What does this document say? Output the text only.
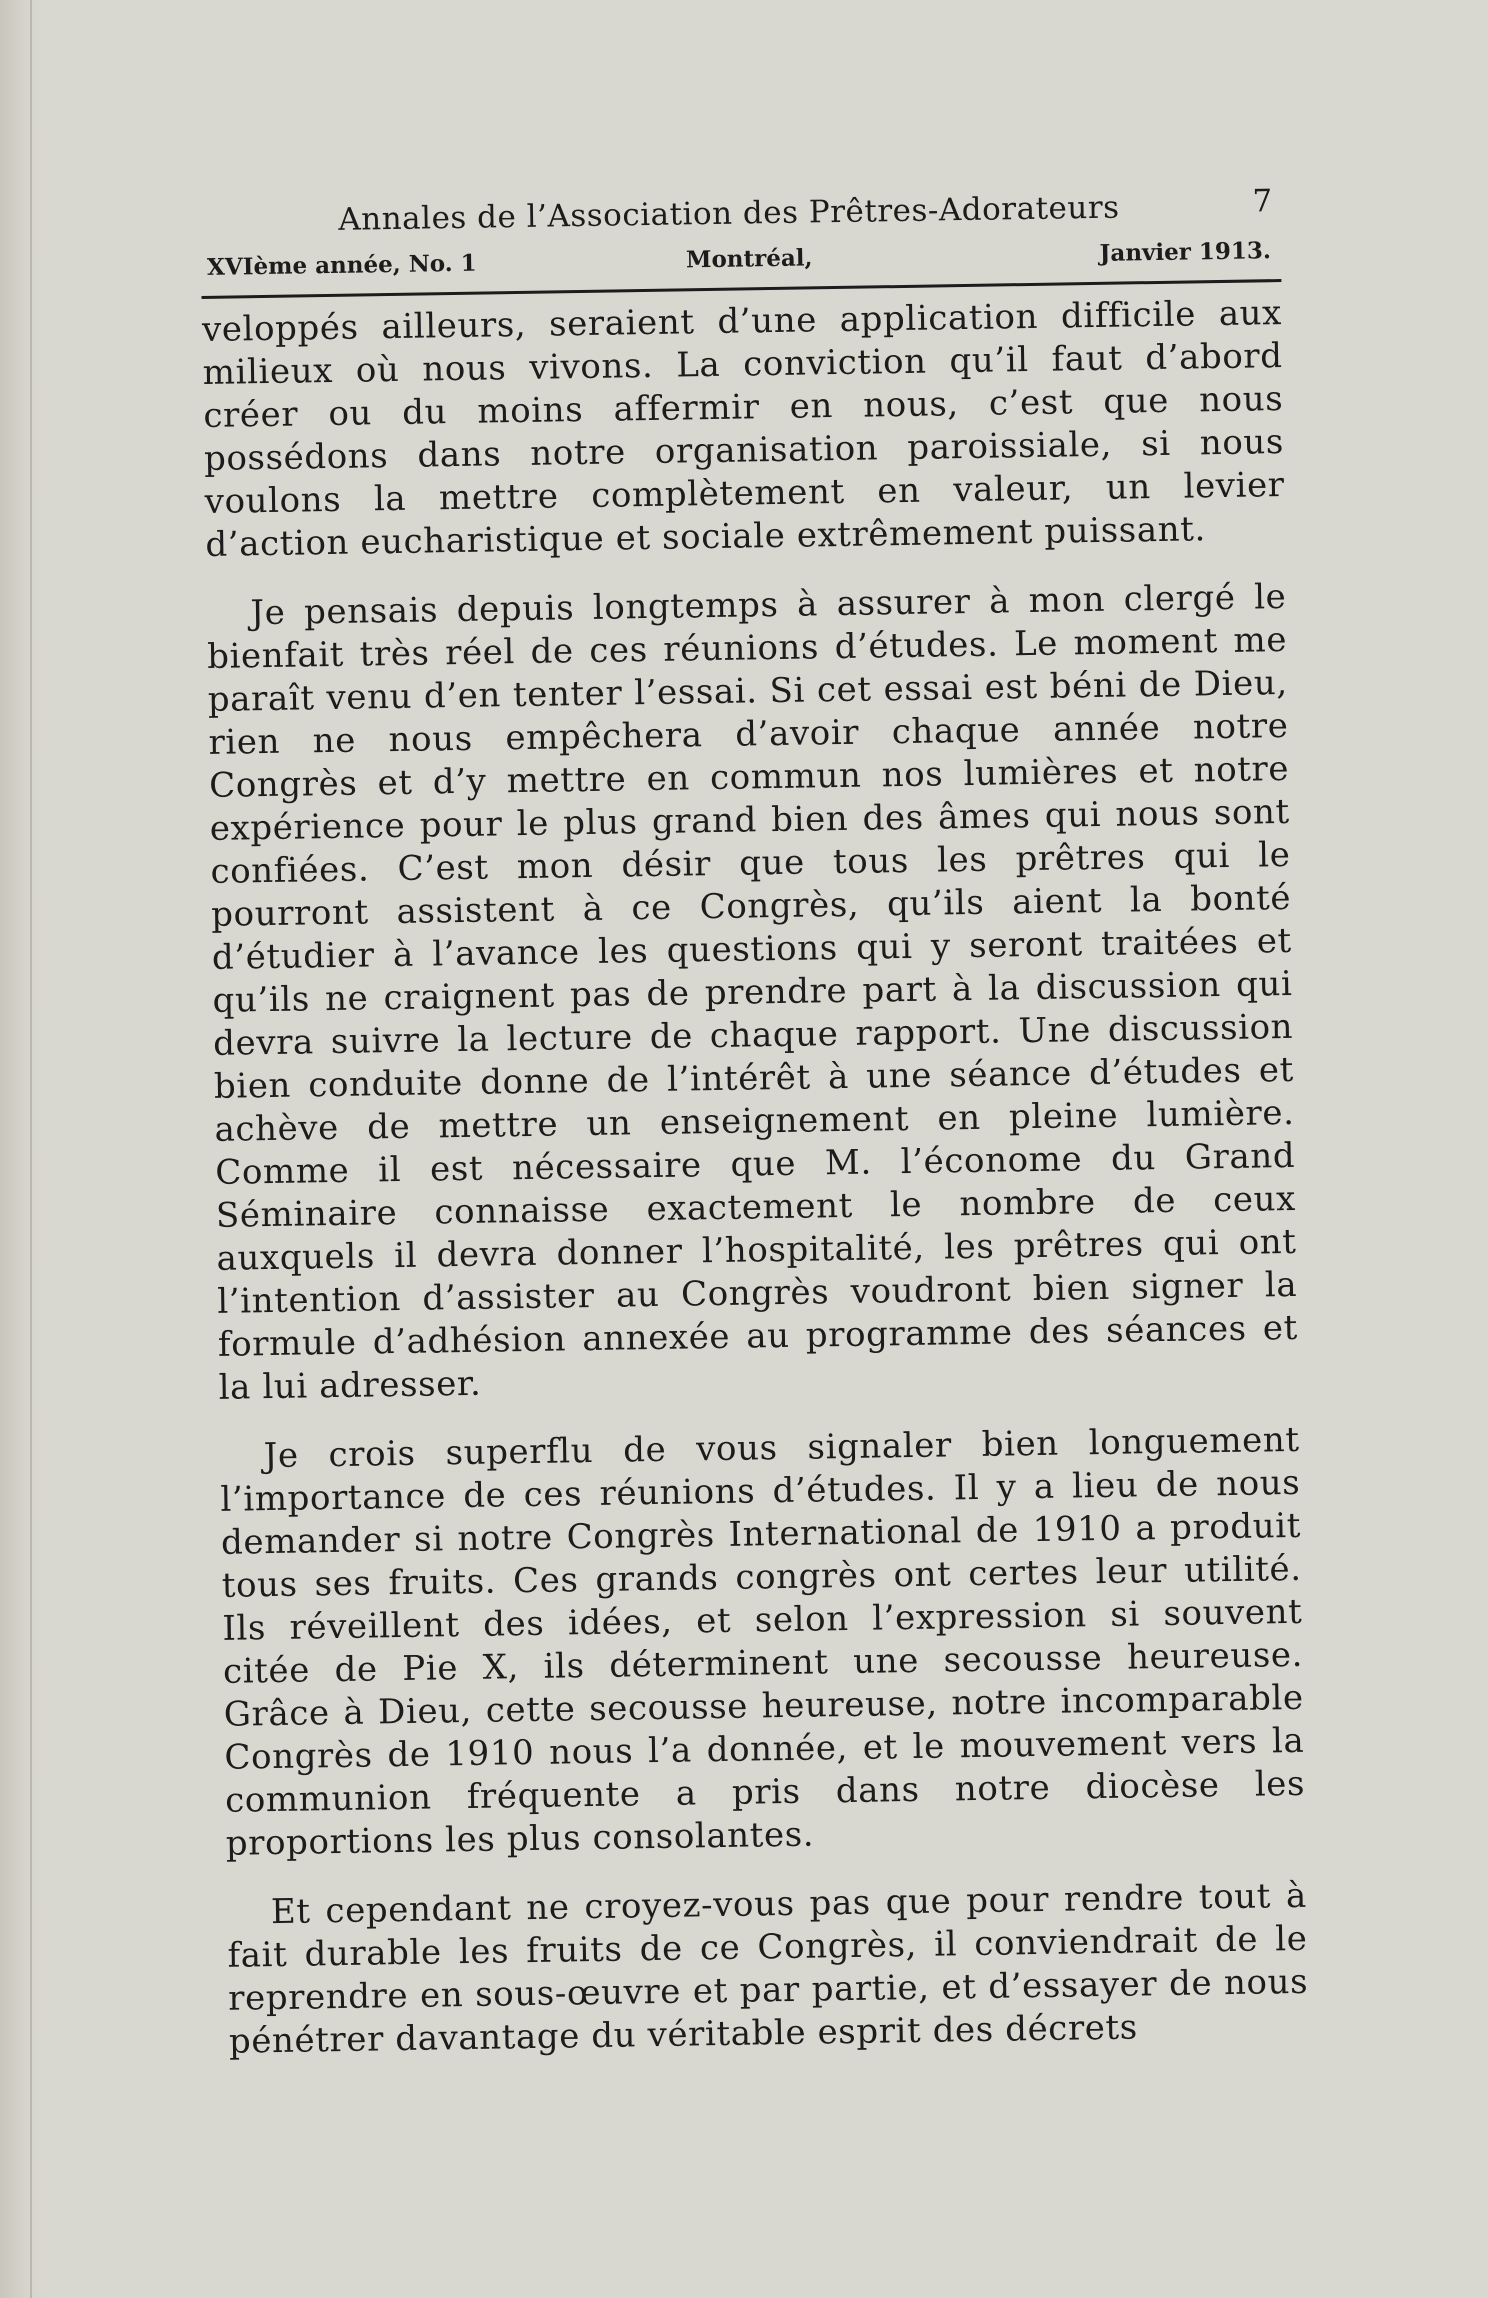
Annales de l’Association des Prêtres-Adorateurs	7
XVIème année, No. 1	Montréal,	Janvier 1913.

veloppés ailleurs, seraient d’une application difficile aux milieux où nous vivons. La conviction qu’il faut d’abord créer ou du moins affermir en nous, c’est que nous possédons dans notre organisation paroissiale, si nous voulons la mettre complètement en valeur, un levier d’action eucharistique et sociale extrêmement puissant.

Je pensais depuis longtemps à assurer à mon clergé le bienfait très réel de ces réunions d’études. Le moment me paraît venu d’en tenter l’essai. Si cet essai est béni de Dieu, rien ne nous empêchera d’avoir chaque année notre Congrès et d’y mettre en commun nos lumières et notre expérience pour le plus grand bien des âmes qui nous sont confiées. C’est mon désir que tous les prêtres qui le pourront assistent à ce Congrès, qu’ils aient la bonté d’étudier à l’avance les questions qui y seront traitées et qu’ils ne craignent pas de prendre part à la discussion qui devra suivre la lecture de chaque rapport. Une discussion bien conduite donne de l’intérêt à une séance d’études et achève de mettre un enseignement en pleine lumière. Comme il est nécessaire que M. l’économe du Grand Séminaire connaisse exactement le nombre de ceux auxquels il devra donner l’hospitalité, les prêtres qui ont l’intention d’assister au Congrès voudront bien signer la formule d’adhésion annexée au programme des séances et la lui adresser.

Je crois superflu de vous signaler bien longuement l’importance de ces réunions d’études. Il y a lieu de nous demander si notre Congrès International de 1910 a produit tous ses fruits. Ces grands congrès ont certes leur utilité. Ils réveillent des idées, et selon l’expression si souvent citée de Pie X, ils déterminent une secousse heureuse. Grâce à Dieu, cette secousse heureuse, notre incomparable Congrès de 1910 nous l’a donnée, et le mouvement vers la communion fréquente a pris dans notre diocèse les proportions les plus consolantes.

Et cependant ne croyez-vous pas que pour rendre tout à fait durable les fruits de ce Congrès, il conviendrait de le reprendre en sous-œuvre et par partie, et d’essayer de nous pénétrer davantage du véritable esprit des décrets
